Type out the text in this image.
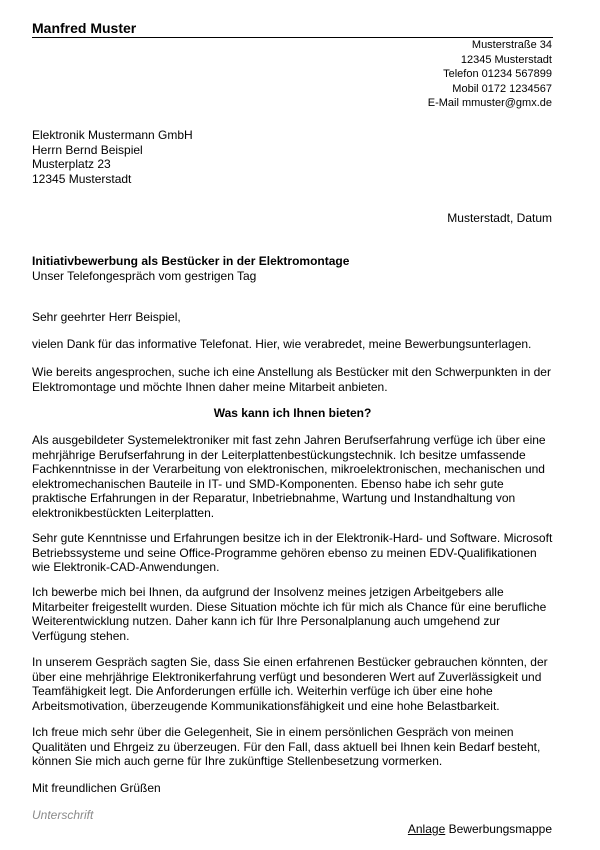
Manfred Muster
Musterstraße 34
12345 Musterstadt
Telefon 01234 567899
Mobil 0172 1234567
E-Mail mmuster@gmx.de
Elektronik Mustermann GmbH
Herrn Bernd Beispiel
Musterplatz 23
12345 Musterstadt
Musterstadt, Datum
Initiativbewerbung als Bestücker in der Elektromontage
Unser Telefongespräch vom gestrigen Tag

Sehr geehrter Herr Beispiel,

vielen Dank für das informative Telefonat. Hier, wie verabredet, meine Bewerbungsunterlagen.

Wie bereits angesprochen, suche ich eine Anstellung als Bestücker mit den Schwerpunkten in der Elektromontage und möchte Ihnen daher meine Mitarbeit anbieten.

Was kann ich Ihnen bieten?

Als ausgebildeter Systemelektroniker mit fast zehn Jahren Berufserfahrung verfüge ich über eine mehrjährige Berufserfahrung in der Leiterplattenbestückungstechnik. Ich besitze umfassende Fachkenntnisse in der Verarbeitung von elektronischen, mikroelektronischen, mechanischen und elektromechanischen Bauteile in IT- und SMD-Komponenten. Ebenso habe ich sehr gute praktische Erfahrungen in der Reparatur, Inbetriebnahme, Wartung und Instandhaltung von elektronikbestückten Leiterplatten.

Sehr gute Kenntnisse und Erfahrungen besitze ich in der Elektronik-Hard- und Software. Microsoft Betriebssysteme und seine Office-Programme gehören ebenso zu meinen EDV-Qualifikationen wie Elektronik-CAD-Anwendungen.

Ich bewerbe mich bei Ihnen, da aufgrund der Insolvenz meines jetzigen Arbeitgebers alle Mitarbeiter freigestellt wurden. Diese Situation möchte ich für mich als Chance für eine berufliche Weiterentwicklung nutzen. Daher kann ich für Ihre Personalplanung auch umgehend zur Verfügung stehen.

In unserem Gespräch sagten Sie, dass Sie einen erfahrenen Bestücker gebrauchen könnten, der über eine mehrjährige Elektronikerfahrung verfügt und besonderen Wert auf Zuverlässigkeit und Teamfähigkeit legt. Die Anforderungen erfülle ich. Weiterhin verfüge ich über eine hohe Arbeitsmotivation, überzeugende Kommunikationsfähigkeit und eine hohe Belastbarkeit.

Ich freue mich sehr über die Gelegenheit, Sie in einem persönlichen Gespräch von meinen Qualitäten und Ehrgeiz zu überzeugen. Für den Fall, dass aktuell bei Ihnen kein Bedarf besteht, können Sie mich auch gerne für Ihre zukünftige Stellenbesetzung vormerken.

Mit freundlichen Grüßen

Unterschrift
Anlage Bewerbungsmappe
